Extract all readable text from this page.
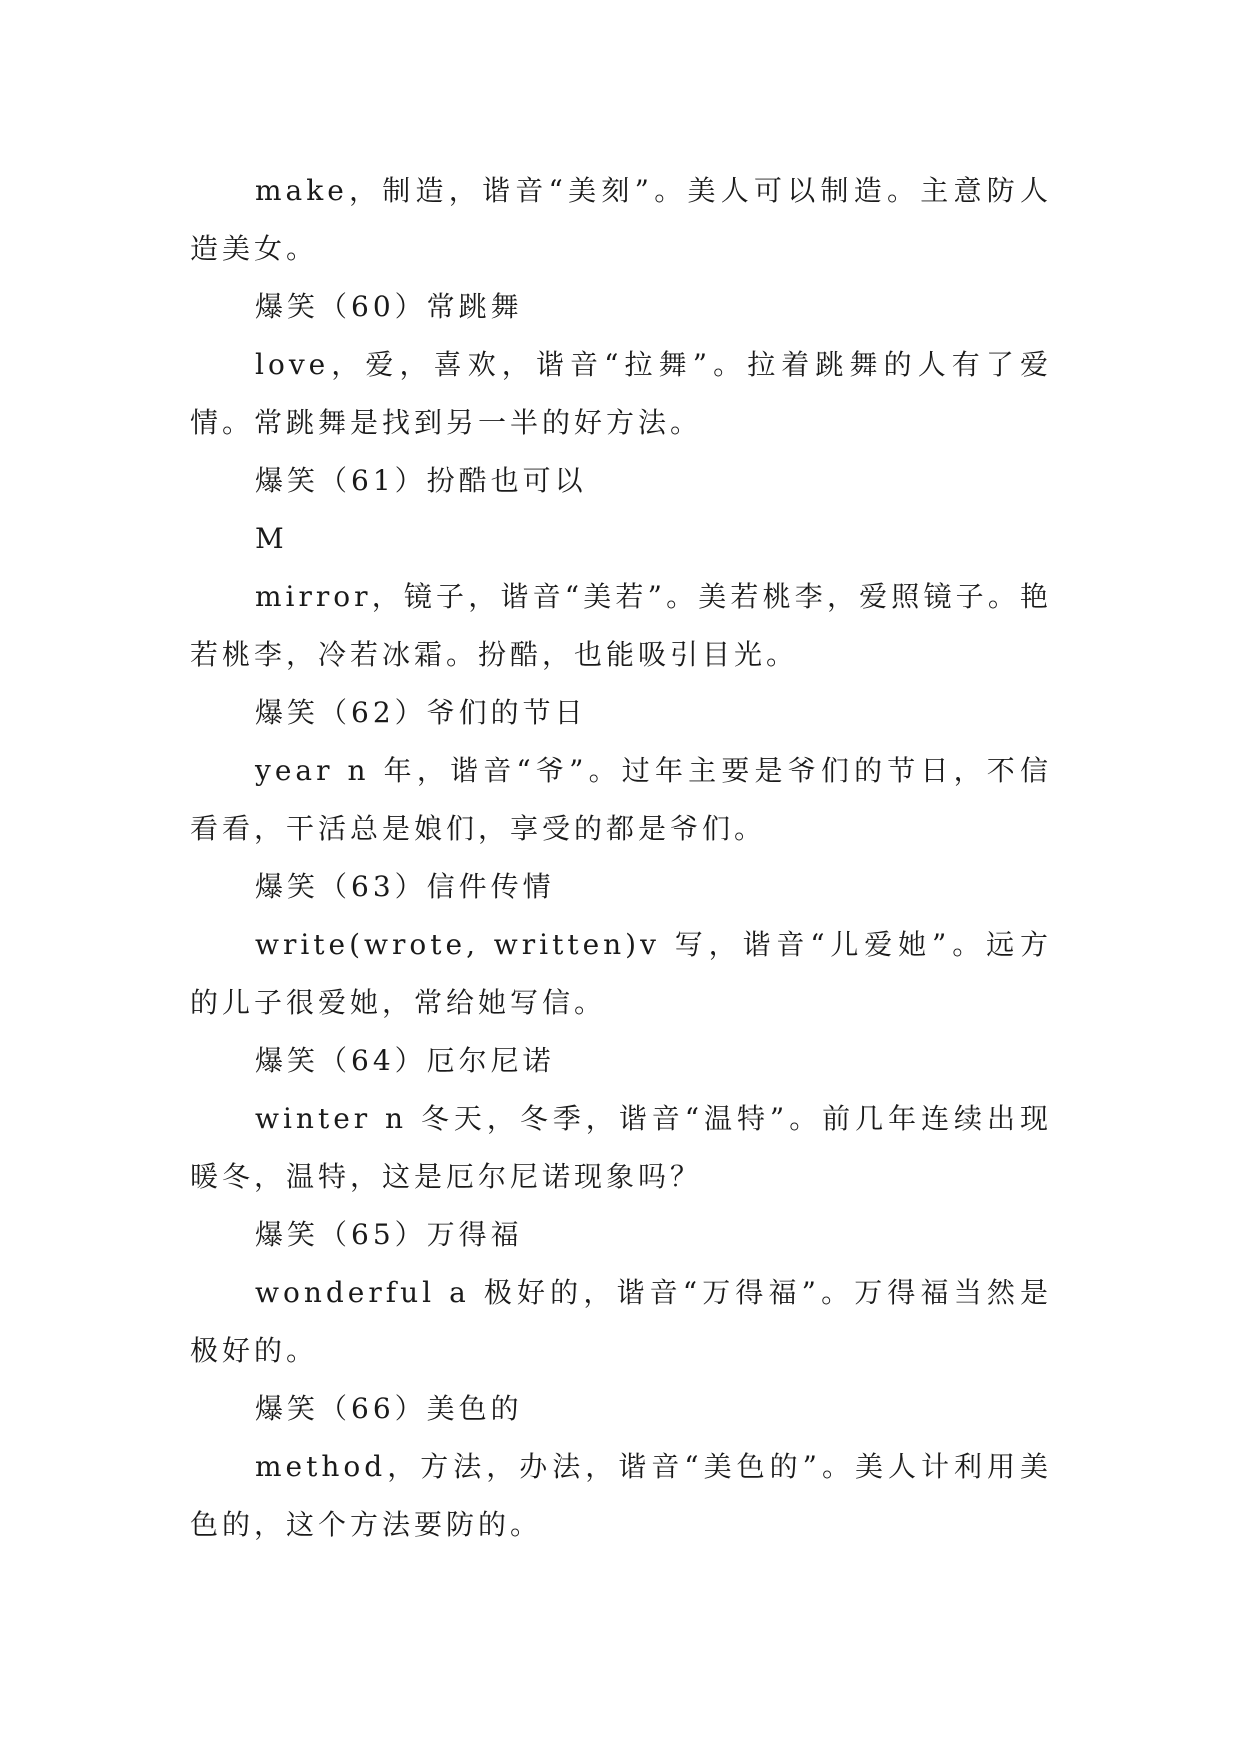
make，制造，谐音“美刻”。美人可以制造。主意防人造美女。

爆笑（60）常跳舞

love，爱，喜欢，谐音“拉舞”。拉着跳舞的人有了爱情。常跳舞是找到另一半的好方法。

爆笑（61）扮酷也可以

M

mirror，镜子，谐音“美若”。美若桃李，爱照镜子。艳若桃李，冷若冰霜。扮酷，也能吸引目光。

爆笑（62）爷们的节日

year n 年，谐音“爷”。过年主要是爷们的节日，不信看看，干活总是娘们，享受的都是爷们。

爆笑（63）信件传情

write(wrote, written)v 写，谐音“儿爱她”。远方的儿子很爱她，常给她写信。

爆笑（64）厄尔尼诺

winter n 冬天，冬季，谐音“温特”。前几年连续出现暖冬，温特，这是厄尔尼诺现象吗？

爆笑（65）万得福

wonderful a 极好的，谐音“万得福”。万得福当然是极好的。

爆笑（66）美色的

method，方法，办法，谐音“美色的”。美人计利用美色的，这个方法要防的。
